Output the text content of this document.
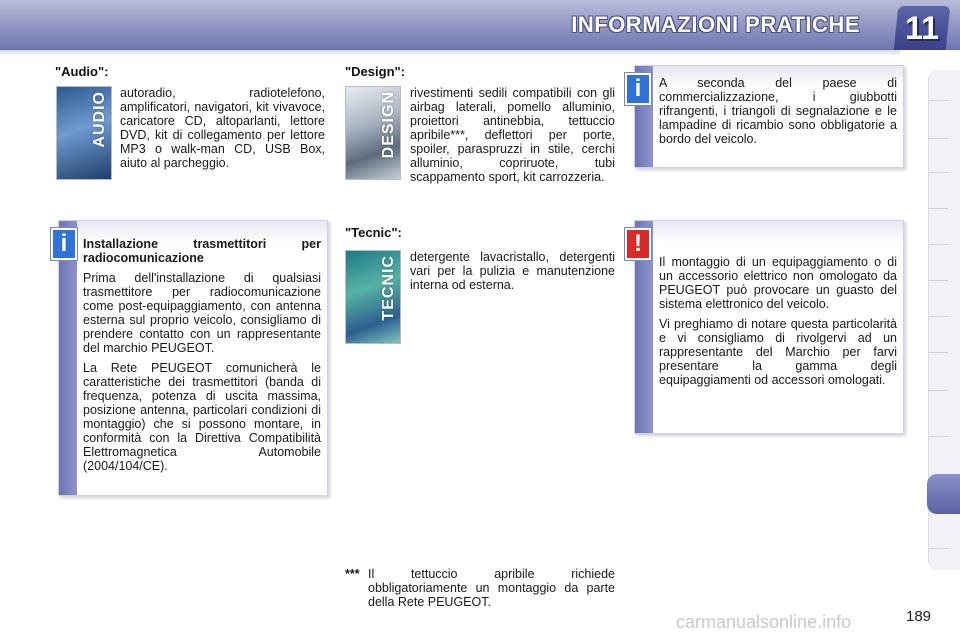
INFORMAZIONI PRATICHE 11
"Audio":
AUDIO autoradio, radiotelefono, amplificatori, navigatori, kit vivavoce, caricatore CD, altoparlanti, lettore DVD, kit di collegamento per lettore MP3 o walk-man CD, USB Box, aiuto al parcheggio.
"Design":
DESIGN rivestimenti sedili compatibili con gli airbag laterali, pomello alluminio, proiettori antinebbia, tettuccio apribile***, deflettori per porte, spoiler, paraspruzzi in stile, cerchi alluminio, copriruote, tubi scappamento sport, kit carrozzeria.
"Tecnic":
TECNIC detergente lavacristallo, detergenti vari per la pulizia e manutenzione interna od esterna.
A seconda del paese di commercializzazione, i giubbotti rifrangenti, i triangoli di segnalazione e le lampadine di ricambio sono obbligatorie a bordo del veicolo.
i

Installazione trasmettitori per radiocomunicazione

Prima dell'installazione di qualsiasi trasmettitore per radiocomunicazione come post-equipaggiamento, con antenna esterna sul proprio veicolo, consigliamo di prendere contatto con un rappresentante del marchio PEUGEOT.

La Rete PEUGEOT comunicherà le caratteristiche dei trasmettitori (banda di frequenza, potenza di uscita massima, posizione antenna, particolari condizioni di montaggio) che si possono montare, in conformità con la Direttiva Compatibilità Elettromagnetica Automobile (2004/104/CE).

i

Il montaggio di un equipaggiamento o di un accessorio elettrico non omologato da PEUGEOT può provocare un guasto del sistema elettronico del veicolo.

Vi preghiamo di notare questa particolarità e vi consigliamo di rivolgervi ad un rappresentante del Marchio per farvi presentare la gamma degli equipaggiamenti od accessori omologati.

!
*** Il tettuccio apribile richiede obbligatoriamente un montaggio da parte della Rete PEUGEOT.
carmanualsonline.info	189
